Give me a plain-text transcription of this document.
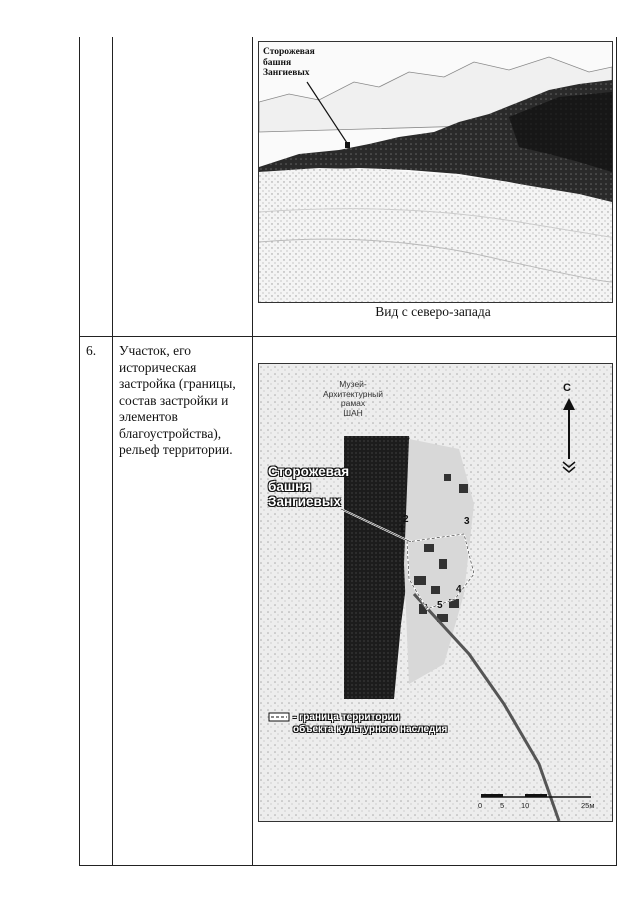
Сторожевая
башня
Зангиевых
Вид с северо-запада
6. Участок, его историческая застройка (границы, состав застройки и элементов благоустройства), рельеф территории.
Музей-
Архитектурный
рамах
ШАН
Сторожевая
башня
Зангиевых
1
2	3
4
5
С
- граница территории
объекта культурного наследия
0 5 10	25м
